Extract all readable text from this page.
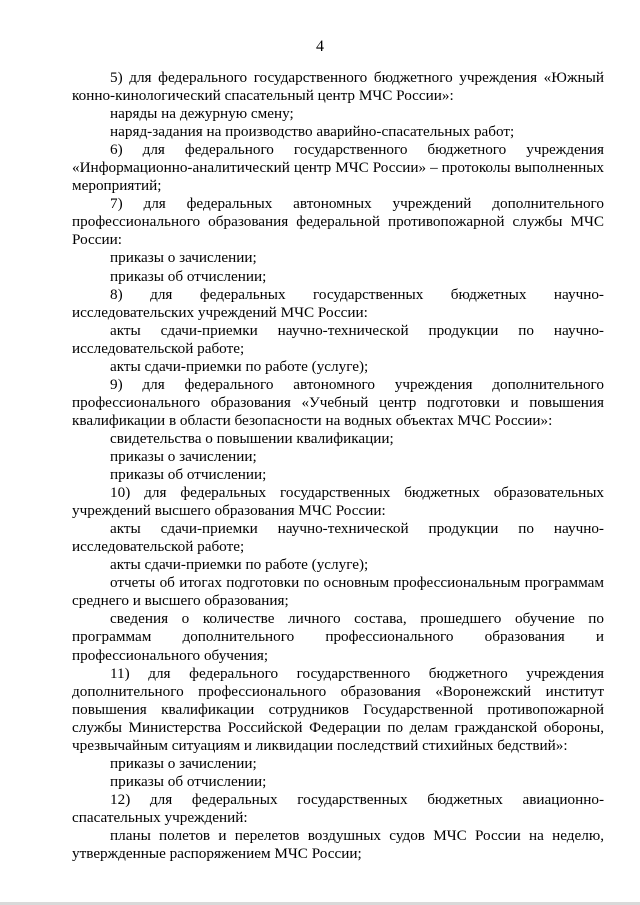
4

5) для федерального государственного бюджетного учреждения «Южный конно-кинологический спасательный центр МЧС России»:

наряды на дежурную смену;

наряд-задания на производство аварийно-спасательных работ;

6) для федерального государственного бюджетного учреждения «Информационно-аналитический центр МЧС России» – протоколы выполненных мероприятий;

7) для федеральных автономных учреждений дополнительного профессионального образования федеральной противопожарной службы МЧС России:

приказы о зачислении;

приказы об отчислении;

8) для федеральных государственных бюджетных научно-исследовательских учреждений МЧС России:

акты сдачи-приемки научно-технической продукции по научно-исследовательской работе;

акты сдачи-приемки по работе (услуге);

9) для федерального автономного учреждения дополнительного профессионального образования «Учебный центр подготовки и повышения квалификации в области безопасности на водных объектах МЧС России»:

свидетельства о повышении квалификации;

приказы о зачислении;

приказы об отчислении;

10) для федеральных государственных бюджетных образовательных учреждений высшего образования МЧС России:

акты сдачи-приемки научно-технической продукции по научно-исследовательской работе;

акты сдачи-приемки по работе (услуге);

отчеты об итогах подготовки по основным профессиональным программам среднего и высшего образования;

сведения о количестве личного состава, прошедшего обучение по программам дополнительного профессионального образования и профессионального обучения;

11) для федерального государственного бюджетного учреждения дополнительного профессионального образования «Воронежский институт повышения квалификации сотрудников Государственной противопожарной службы Министерства Российской Федерации по делам гражданской обороны, чрезвычайным ситуациям и ликвидации последствий стихийных бедствий»:

приказы о зачислении;

приказы об отчислении;

12) для федеральных государственных бюджетных авиационно-спасательных учреждений:

планы полетов и перелетов воздушных судов МЧС России на неделю, утвержденные распоряжением МЧС России;
